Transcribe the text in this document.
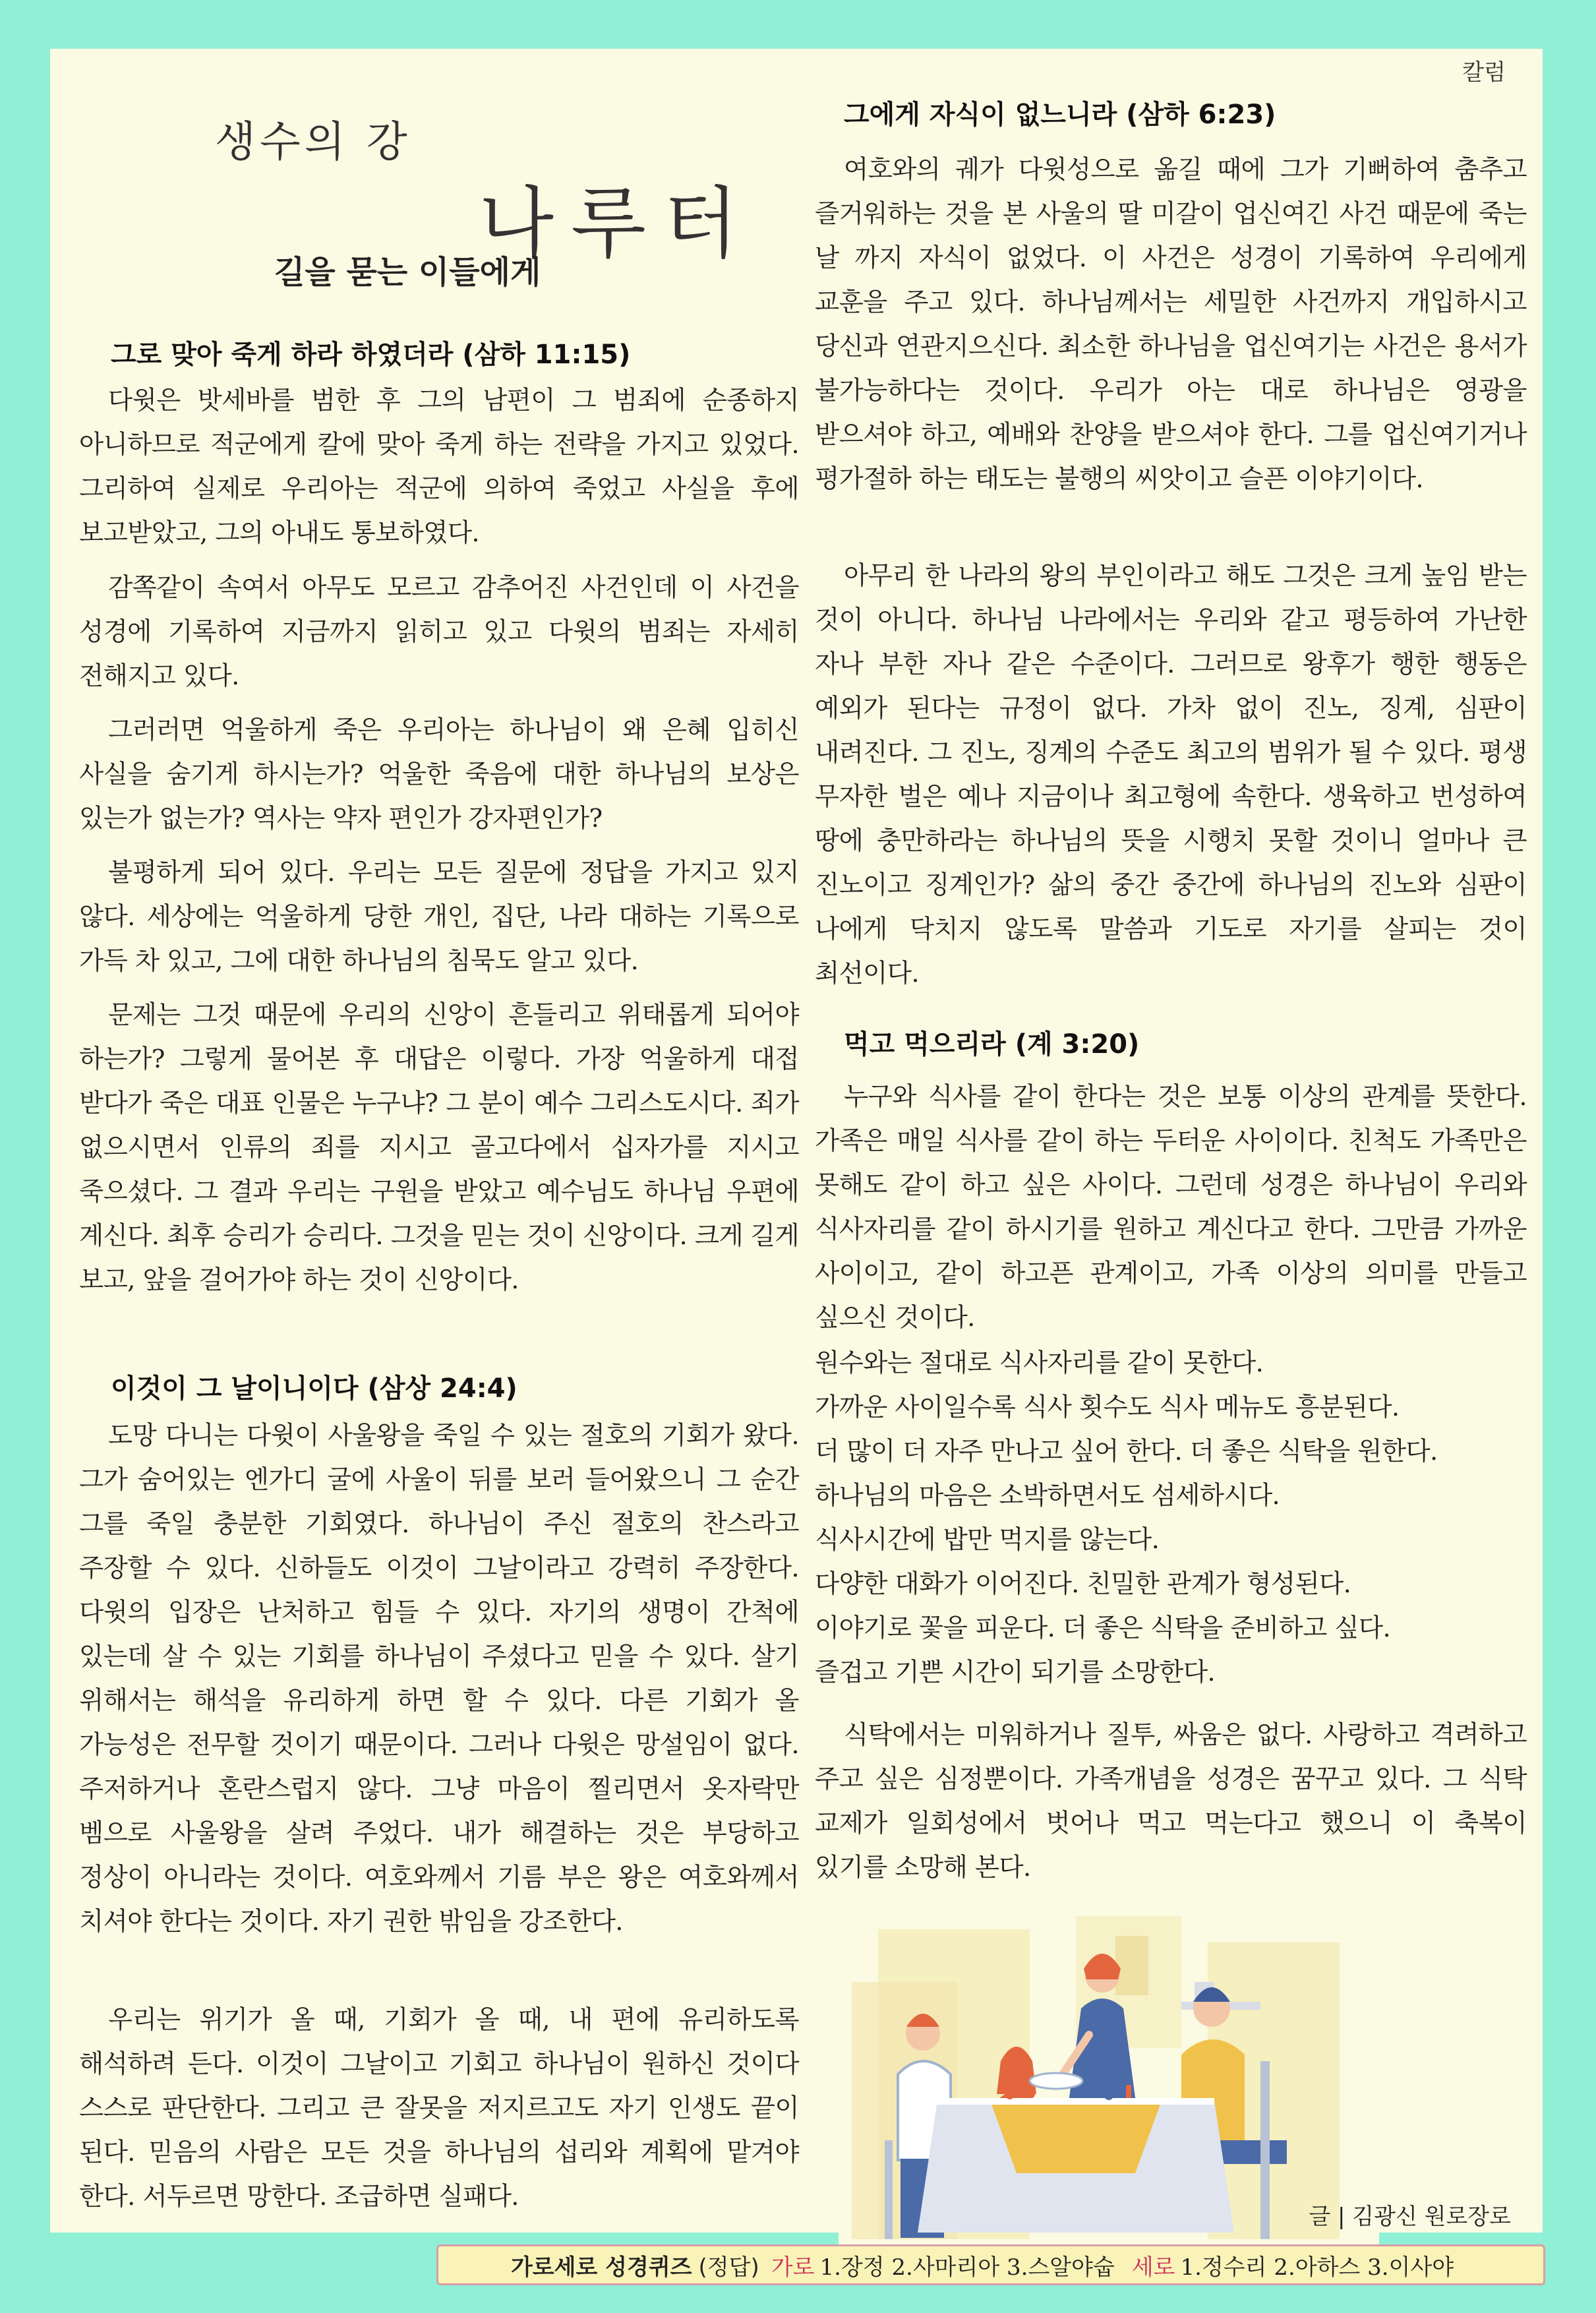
칼럼
생수의 강
나루터
길을 묻는 이들에게
그로 맞아 죽게 하라 하였더라 (삼하 11:15)
다윗은 밧세바를 범한 후 그의 남편이 그 범죄에 순종하지 아니하므로 적군에게 칼에 맞아 죽게 하는 전략을 가지고 있었다. 그리하여 실제로 우리아는 적군에 의하여 죽었고 사실을 후에 보고받았고, 그의 아내도 통보하였다.
감쪽같이 속여서 아무도 모르고 감추어진 사건인데 이 사건을 성경에 기록하여 지금까지 읽히고 있고 다윗의 범죄는 자세히 전해지고 있다.
그러러면 억울하게 죽은 우리아는 하나님이 왜 은혜 입히신 사실을 숨기게 하시는가? 억울한 죽음에 대한 하나님의 보상은 있는가 없는가? 역사는 약자 편인가 강자편인가?
불평하게 되어 있다. 우리는 모든 질문에 정답을 가지고 있지 않다. 세상에는 억울하게 당한 개인, 집단, 나라 대하는 기록으로 가득 차 있고, 그에 대한 하나님의 침묵도 알고 있다.
문제는 그것 때문에 우리의 신앙이 흔들리고 위태롭게 되어야 하는가? 그렇게 물어본 후 대답은 이렇다. 가장 억울하게 대접 받다가 죽은 대표 인물은 누구냐? 그 분이 예수 그리스도시다. 죄가 없으시면서 인류의 죄를 지시고 골고다에서 십자가를 지시고 죽으셨다. 그 결과 우리는 구원을 받았고 예수님도 하나님 우편에 계신다. 최후 승리가 승리다. 그것을 믿는 것이 신앙이다. 크게 길게 보고, 앞을 걸어가야 하는 것이 신앙이다.
이것이 그 날이니이다 (삼상 24:4)
도망 다니는 다윗이 사울왕을 죽일 수 있는 절호의 기회가 왔다. 그가 숨어있는 엔가디 굴에 사울이 뒤를 보러 들어왔으니 그 순간 그를 죽일 충분한 기회였다. 하나님이 주신 절호의 찬스라고 주장할 수 있다. 신하들도 이것이 그날이라고 강력히 주장한다. 다윗의 입장은 난처하고 힘들 수 있다. 자기의 생명이 간척에 있는데 살 수 있는 기회를 하나님이 주셨다고 믿을 수 있다. 살기 위해서는 해석을 유리하게 하면 할 수 있다. 다른 기회가 올 가능성은 전무할 것이기 때문이다. 그러나 다윗은 망설임이 없다. 주저하거나 혼란스럽지 않다. 그냥 마음이 찔리면서 옷자락만 벰으로 사울왕을 살려 주었다. 내가 해결하는 것은 부당하고 정상이 아니라는 것이다. 여호와께서 기름 부은 왕은 여호와께서 치셔야 한다는 것이다. 자기 권한 밖임을 강조한다.
우리는 위기가 올 때, 기회가 올 때, 내 편에 유리하도록 해석하려 든다. 이것이 그날이고 기회고 하나님이 원하신 것이다 스스로 판단한다. 그리고 큰 잘못을 저지르고도 자기 인생도 끝이 된다. 믿음의 사람은 모든 것을 하나님의 섭리와 계획에 맡겨야 한다. 서두르면 망한다. 조급하면 실패다.
그에게 자식이 없느니라 (삼하 6:23)
여호와의 궤가 다윗성으로 옮길 때에 그가 기뻐하여 춤추고 즐거워하는 것을 본 사울의 딸 미갈이 업신여긴 사건 때문에 죽는 날 까지 자식이 없었다. 이 사건은 성경이 기록하여 우리에게 교훈을 주고 있다. 하나님께서는 세밀한 사건까지 개입하시고 당신과 연관지으신다. 최소한 하나님을 업신여기는 사건은 용서가 불가능하다는 것이다. 우리가 아는 대로 하나님은 영광을 받으셔야 하고, 예배와 찬양을 받으셔야 한다. 그를 업신여기거나 평가절하 하는 태도는 불행의 씨앗이고 슬픈 이야기이다.
아무리 한 나라의 왕의 부인이라고 해도 그것은 크게 높임 받는 것이 아니다. 하나님 나라에서는 우리와 같고 평등하여 가난한 자나 부한 자나 같은 수준이다. 그러므로 왕후가 행한 행동은 예외가 된다는 규정이 없다. 가차 없이 진노, 징계, 심판이 내려진다. 그 진노, 징계의 수준도 최고의 범위가 될 수 있다. 평생 무자한 벌은 예나 지금이나 최고형에 속한다. 생육하고 번성하여 땅에 충만하라는 하나님의 뜻을 시행치 못할 것이니 얼마나 큰 진노이고 징계인가? 삶의 중간 중간에 하나님의 진노와 심판이 나에게 닥치지 않도록 말씀과 기도로 자기를 살피는 것이 최선이다.
먹고 먹으리라 (계 3:20)
누구와 식사를 같이 한다는 것은 보통 이상의 관계를 뜻한다. 가족은 매일 식사를 같이 하는 두터운 사이이다. 친척도 가족만은 못해도 같이 하고 싶은 사이다. 그런데 성경은 하나님이 우리와 식사자리를 같이 하시기를 원하고 계신다고 한다. 그만큼 가까운 사이이고, 같이 하고픈 관계이고, 가족 이상의 의미를 만들고 싶으신 것이다.
원수와는 절대로 식사자리를 같이 못한다.
가까운 사이일수록 식사 횟수도 식사 메뉴도 흥분된다.
더 많이 더 자주 만나고 싶어 한다. 더 좋은 식탁을 원한다.
하나님의 마음은 소박하면서도 섬세하시다.
식사시간에 밥만 먹지를 않는다.
다양한 대화가 이어진다. 친밀한 관계가 형성된다.
이야기로 꽃을 피운다. 더 좋은 식탁을 준비하고 싶다.
즐겁고 기쁜 시간이 되기를 소망한다.
식탁에서는 미워하거나 질투, 싸움은 없다. 사랑하고 격려하고 주고 싶은 심정뿐이다. 가족개념을 성경은 꿈꾸고 있다. 그 식탁 교제가 일회성에서 벗어나 먹고 먹는다고 했으니 이 축복이 있기를 소망해 본다.
글 | 김광신 원로장로
가로세로 성경퀴즈 (정답) 가로 1.장정 2.사마리아 3.스알야숩 세로 1.정수리 2.아하스 3.이사야
